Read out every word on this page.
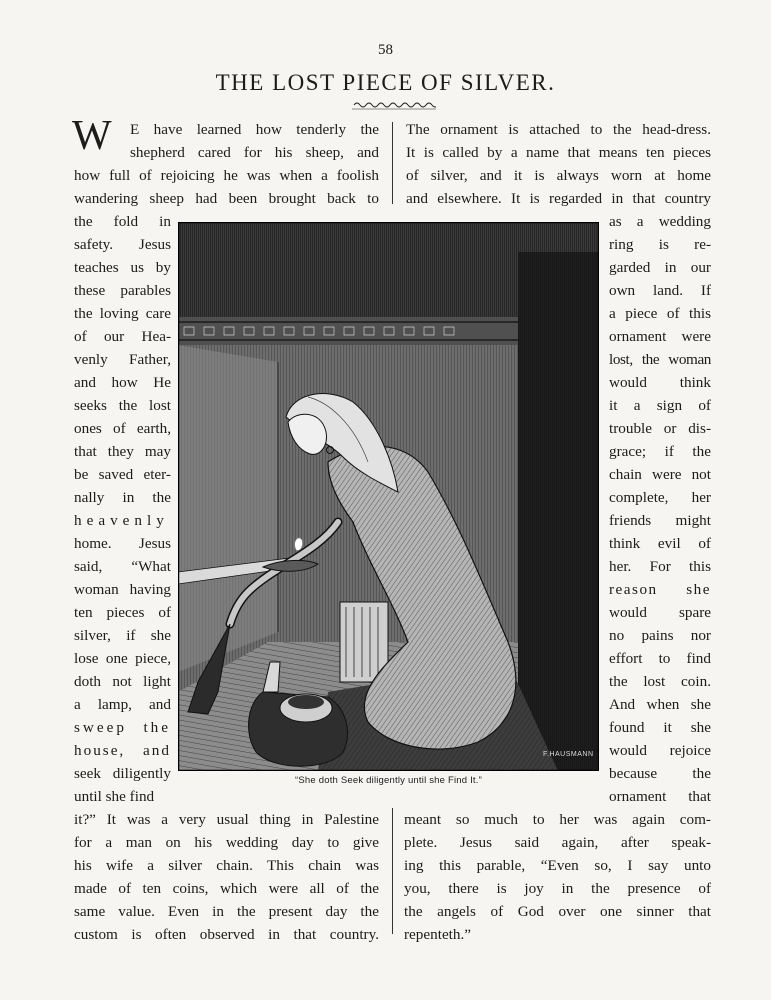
58
THE LOST PIECE OF SILVER.
W E have learned how tenderly the
shepherd cared for his sheep, and
how full of rejoicing he was when a foolish
wandering sheep had been brought back to
the fold in
safety. Jesus
teaches us by
these parables
the loving care
of our Hea-
venly Father,
and how He
seeks the lost
ones of earth,
that they may
be saved eter-
nally in the
heavenly
home. Jesus
said, “What
woman having
ten pieces of
silver, if she
lose one piece,
doth not light
a lamp, and
sweep the
house, and
seek diligently
until she find
it?” It was a very usual thing in Palestine
for a man on his wedding day to give
his wife a silver chain. This chain was
made of ten coins, which were all of the
same value. Even in the present day the
custom is often observed in that country.
The ornament is attached to the head-dress.
It is called by a name that means ten pieces
of silver, and it is always worn at home
and elsewhere. It is regarded in that country
as a wedding
ring is re-
garded in our
own land. If
a piece of this
ornament were
lost, the woman
would think
it a sign of
trouble or dis-
grace; if the
chain were not
complete, her
friends might
think evil of
her. For this
reason she
would spare
no pains nor
effort to find
the lost coin.
And when she
found it she
would rejoice
because the
ornament that
meant so much to her was again com-
plete. Jesus said again, after speak-
ing this parable, “Even so, I say unto
you, there is joy in the presence of
the angels of God over one sinner that
repenteth.”
F.HAUSMANN
“She doth Seek diligently until she Find It.”
